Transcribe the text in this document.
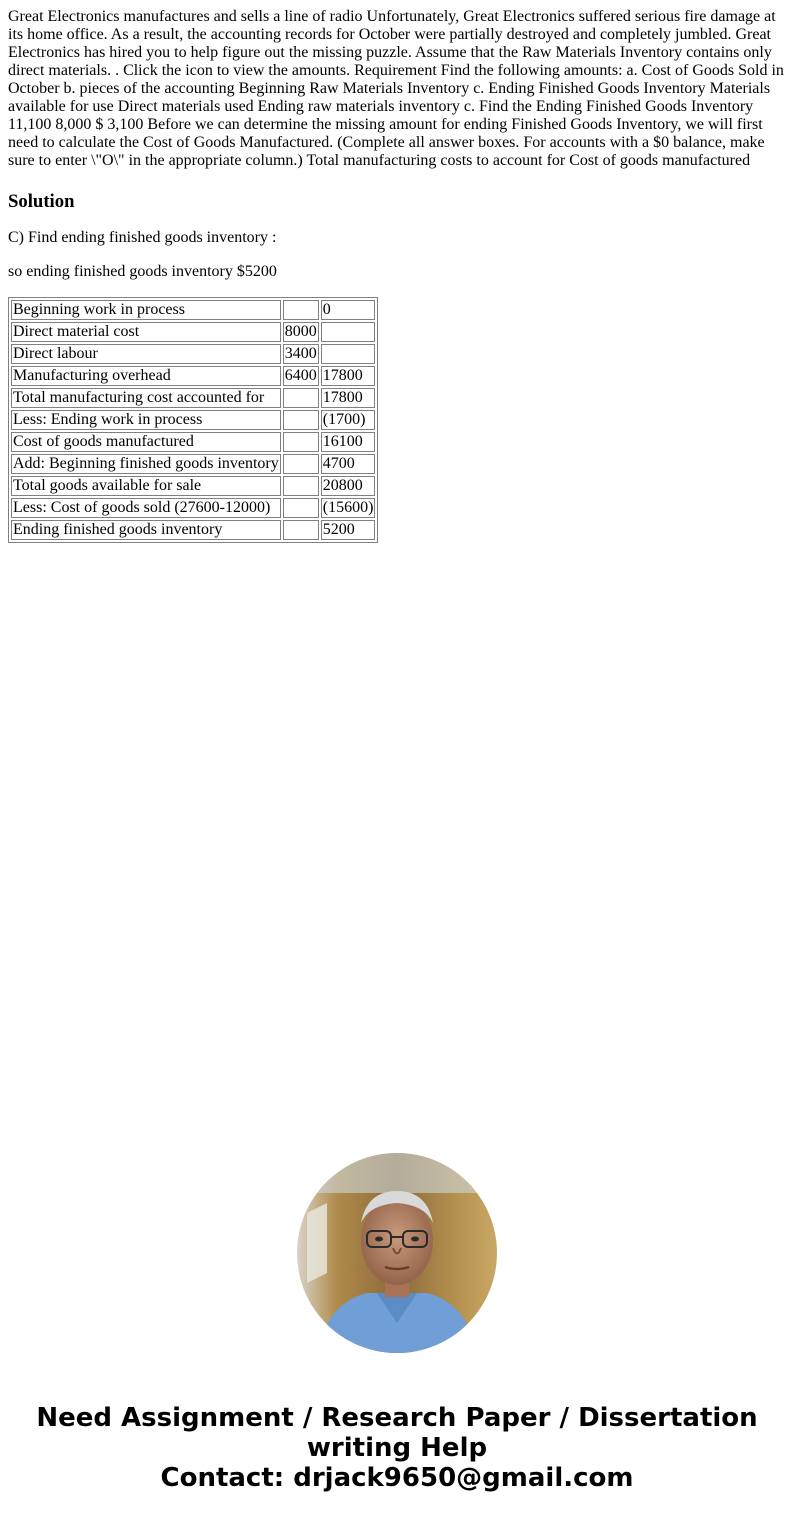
Great Electronics manufactures and sells a line of radio Unfortunately, Great Electronics suffered serious fire damage at its home office. As a result, the accounting records for October were partially destroyed and completely jumbled. Great Electronics has hired you to help figure out the missing puzzle. Assume that the Raw Materials Inventory contains only direct materials. . Click the icon to view the amounts. Requirement Find the following amounts: a. Cost of Goods Sold in October b. pieces of the accounting Beginning Raw Materials Inventory c. Ending Finished Goods Inventory Materials available for use Direct materials used Ending raw materials inventory c. Find the Ending Finished Goods Inventory 11,100 8,000 $ 3,100 Before we can determine the missing amount for ending Finished Goods Inventory, we will first need to calculate the Cost of Goods Manufactured. (Complete all answer boxes. For accounts with a $0 balance, make sure to enter \"O\" in the appropriate column.) Total manufacturing costs to account for Cost of goods manufactured
Solution
C) Find ending finished goods inventory :
so ending finished goods inventory $5200
Beginning work in process		0
Direct material cost	8000	
Direct labour	3400	
Manufacturing overhead	6400	17800
Total manufacturing cost accounted for		17800
Less: Ending work in process		(1700)
Cost of goods manufactured		16100
Add: Beginning finished goods inventory		4700
Total goods available for sale		20800
Less: Cost of goods sold (27600-12000)		(15600)
Ending finished goods inventory		5200
Need Assignment / Research Paper / Dissertation
writing Help
Contact: drjack9650@gmail.com
